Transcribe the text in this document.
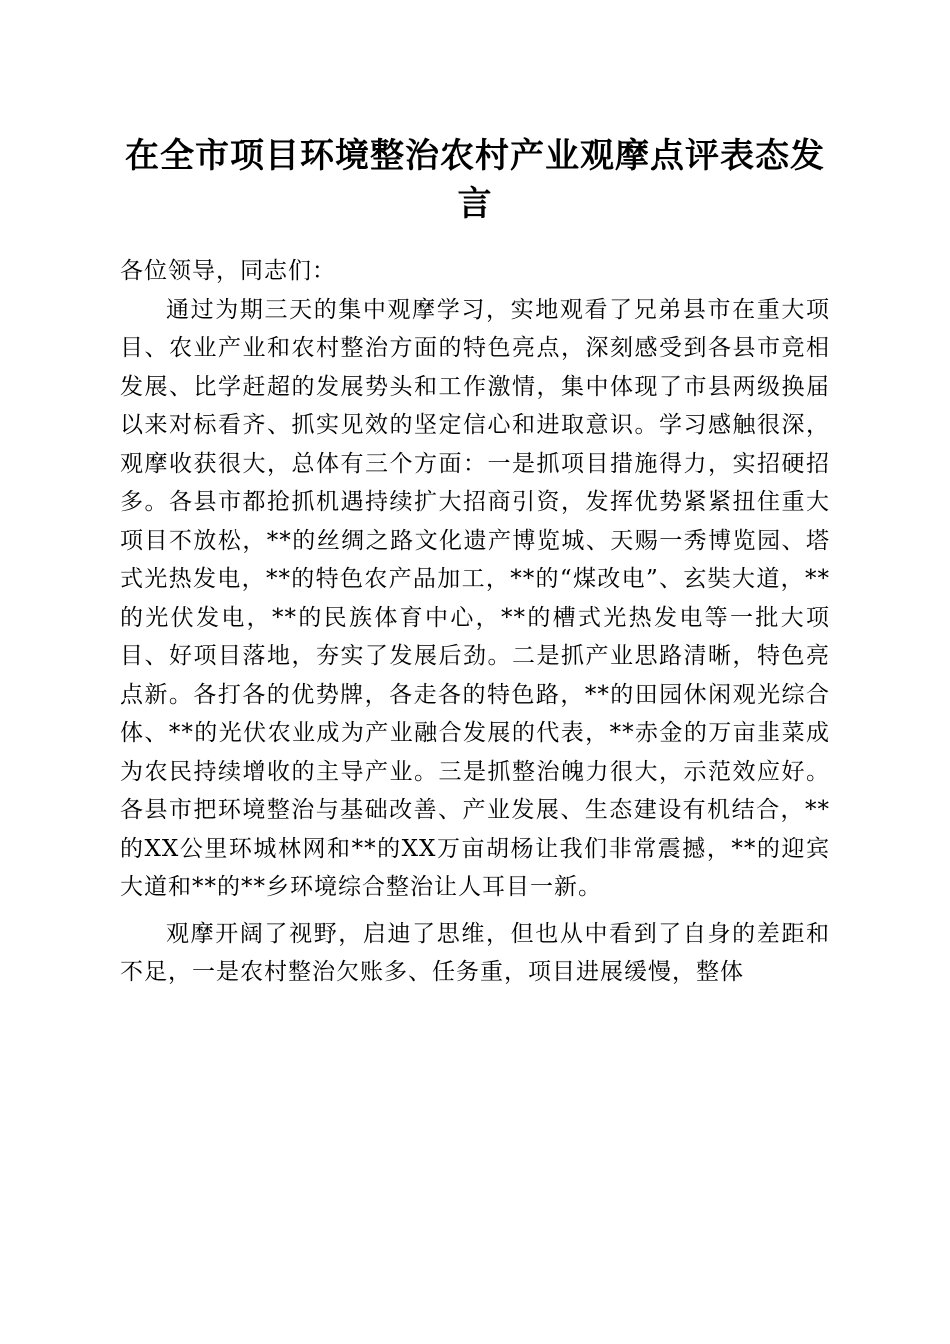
在全市项目环境整治农村产业观摩点评表态发言

各位领导，同志们：

通过为期三天的集中观摩学习，实地观看了兄弟县市在重大项目、农业产业和农村整治方面的特色亮点，深刻感受到各县市竞相发展、比学赶超的发展势头和工作激情，集中体现了市县两级换届以来对标看齐、抓实见效的坚定信心和进取意识。学习感触很深，观摩收获很大，总体有三个方面：一是抓项目措施得力，实招硬招多。各县市都抢抓机遇持续扩大招商引资，发挥优势紧紧扭住重大项目不放松，**的丝绸之路文化遗产博览城、天赐一秀博览园、塔式光热发电，**的特色农产品加工，**的“煤改电”、玄奘大道，**的光伏发电，**的民族体育中心，**的槽式光热发电等一批大项目、好项目落地，夯实了发展后劲。二是抓产业思路清晰，特色亮点新。各打各的优势牌，各走各的特色路，**的田园休闲观光综合体、**的光伏农业成为产业融合发展的代表，**赤金的万亩韭菜成为农民持续增收的主导产业。三是抓整治魄力很大，示范效应好。各县市把环境整治与基础改善、产业发展、生态建设有机结合，**的XX公里环城林网和**的XX万亩胡杨让我们非常震撼，**的迎宾大道和**的**乡环境综合整治让人耳目一新。

观摩开阔了视野，启迪了思维，但也从中看到了自身的差距和不足，一是农村整治欠账多、任务重，项目进展缓慢，整体
